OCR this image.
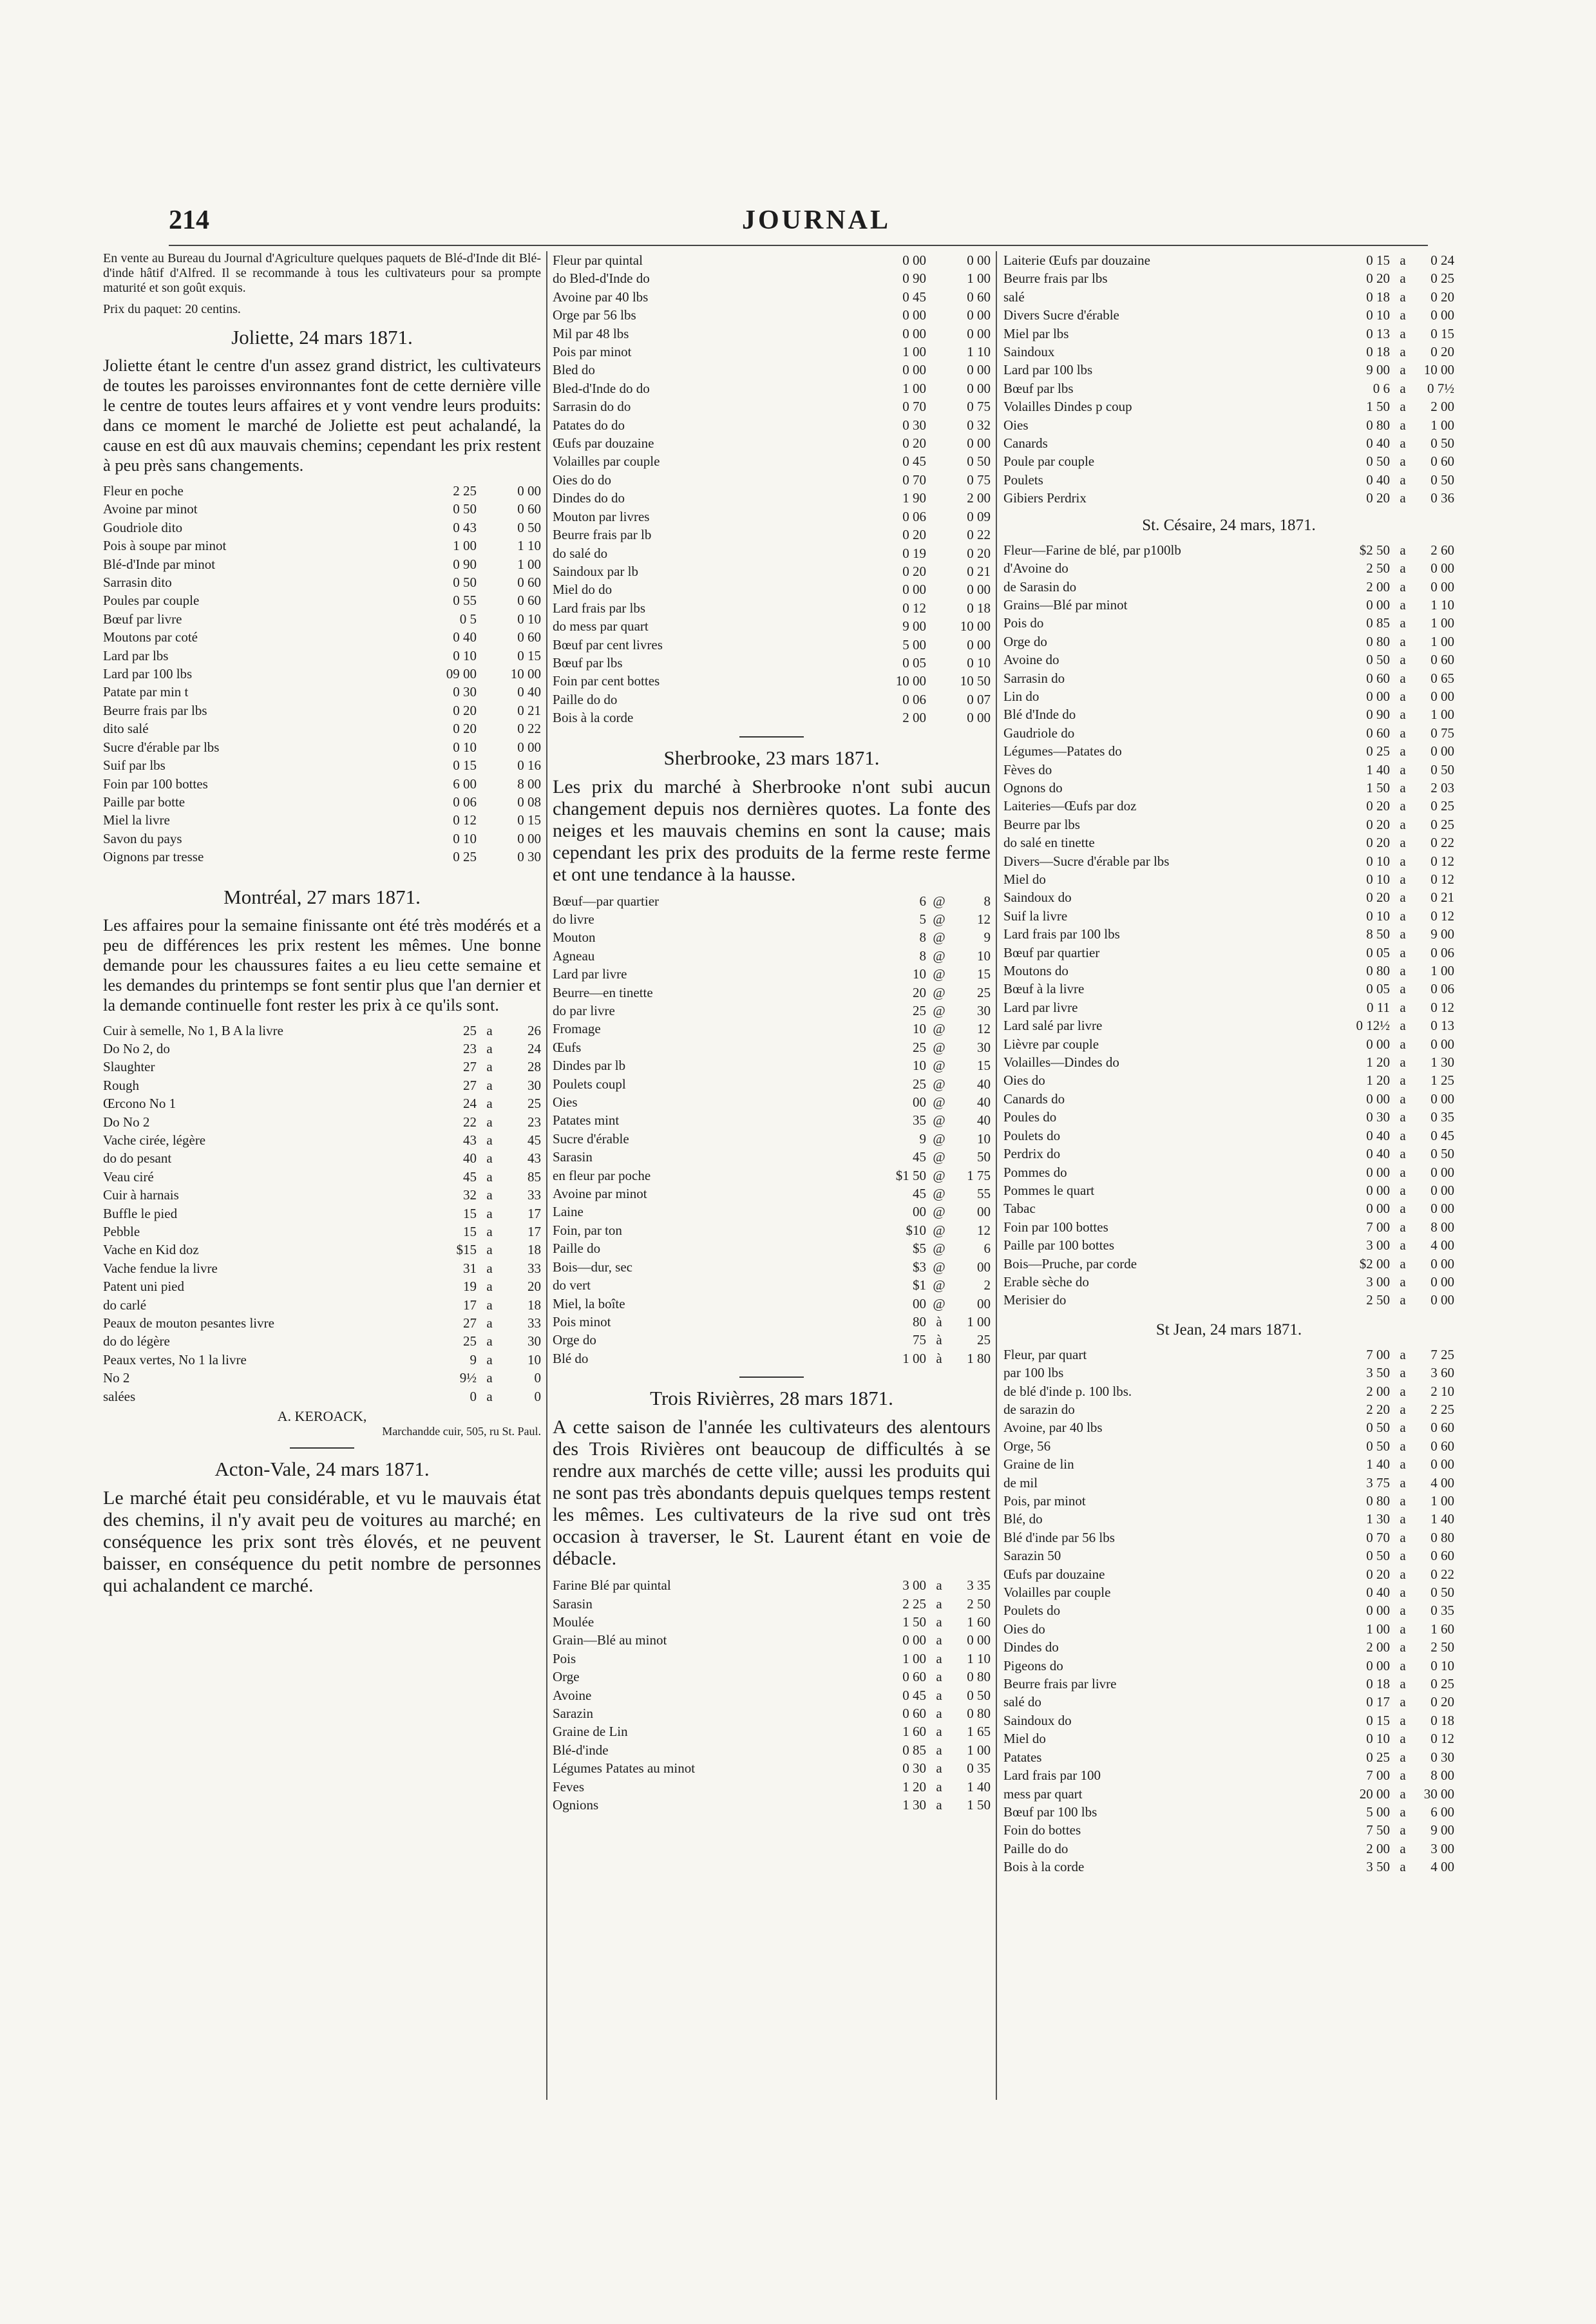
214	JOURNAL

En vente au Bureau du Journal d'Agriculture quelques paquets de Blé-d'Inde dit Blé-d'inde hâtif d'Alfred. Il se recommande à tous les cultivateurs pour sa prompte maturité et son goût exquis.

Prix du paquet: 20 centins.

Joliette, 24 mars 1871.

Joliette étant le centre d'un assez grand district, les cultivateurs de toutes les paroisses environnantes font de cette dernière ville le centre de toutes leurs affaires et y vont vendre leurs produits: dans ce moment le marché de Joliette est peut achalandé, la cause en est dû aux mauvais chemins; cependant les prix restent à peu près sans changements.

Fleur en poche	2 25	0 00
Avoine par minot	0 50	0 60
Goudriole dito	0 43	0 50
Pois à soupe par minot	1 00	1 10
Blé-d'Inde par minot	0 90	1 00
Sarrasin dito	0 50	0 60
Poules par couple	0 55	0 60
Bœuf par livre	0 5	0 10
Moutons par coté	0 40	0 60
Lard par lbs	0 10	0 15
Lard par 100 lbs	09 00	10 00
Patate par min t	0 30	0 40
Beurre frais par lbs	0 20	0 21
dito salé	0 20	0 22
Sucre d'érable par lbs	0 10	0 00
Suif par lbs	0 15	0 16
Foin par 100 bottes	6 00	8 00
Paille par botte	0 06	0 08
Miel la livre	0 12	0 15
Savon du pays	0 10	0 00
Oignons par tresse	0 25	0 30
Montréal, 27 mars 1871.

Les affaires pour la semaine finissante ont été très modérés et a peu de différences les prix restent les mêmes. Une bonne demande pour les chaussures faites a eu lieu cette semaine et les demandes du printemps se font sentir plus que l'an dernier et la demande continuelle font rester les prix à ce qu'ils sont.

Cuir à semelle, No 1, B A la livre	25 a	26
Do No 2, do	23 a	24
Slaughter	27 a	28
Rough	27 a	30
Œrcono No 1	24 a	25
Do No 2	22 a	23
Vache cirée, légère	43 a	45
do do pesant	40 a	43
Veau ciré	45 a	85
Cuir à harnais	32 a	33
Buffle le pied	15 a	17
Pebble	15 a	17
Vache en Kid doz	$15 a	18
Vache fendue la livre	31 a	33
Patent uni pied	19 a	20
do carlé	17 a	18
Peaux de mouton pesantes livre	27 a	33
do do légère	25 a	30
Peaux vertes, No 1 la livre	9 a	10
No 2	9½ a	0
salées	0 a	0
A. KEROACK,
Marchandde cuir, 505, ru St. Paul.
Acton-Vale, 24 mars 1871.

Le marché était peu considérable, et vu le mauvais état des chemins, il n'y avait peu de voitures au marché; en conséquence les prix sont très élovés, et ne peuvent baisser, en conséquence du petit nombre de personnes qui achalandent ce marché.

Fleur par quintal	0 00	0 00
do Bled-d'Inde do	0 90	1 00
Avoine par 40 lbs	0 45	0 60
Orge par 56 lbs	0 00	0 00
Mil par 48 lbs	0 00	0 00
Pois par minot	1 00	1 10
Bled do	0 00	0 00
Bled-d'Inde do do	1 00	0 00
Sarrasin do do	0 70	0 75
Patates do do	0 30	0 32
Œufs par douzaine	0 20	0 00
Volailles par couple	0 45	0 50
Oies do do	0 70	0 75
Dindes do do	1 90	2 00
Mouton par livres	0 06	0 09
Beurre frais par lb	0 20	0 22
do salé do	0 19	0 20
Saindoux par lb	0 20	0 21
Miel do do	0 00	0 00
Lard frais par lbs	0 12	0 18
do mess par quart	9 00	10 00
Bœuf par cent livres	5 00	0 00
Bœuf par lbs	0 05	0 10
Foin par cent bottes	10 00	10 50
Paille do do	0 06	0 07
Bois à la corde	2 00	0 00
Sherbrooke, 23 mars 1871.

Les prix du marché à Sherbrooke n'ont subi aucun changement depuis nos dernières quotes. La fonte des neiges et les mauvais chemins en sont la cause; mais cependant les prix des produits de la ferme reste ferme et ont une tendance à la hausse.

Bœuf—par quartier	6 @	8
do livre	5 @	12
Mouton	8 @	9
Agneau	8 @	10
Lard par livre	10 @	15
Beurre—en tinette	20 @	25
do par livre	25 @	30
Fromage	10 @	12
Œufs	25 @	30
Dindes par lb	10 @	15
Poulets coupl	25 @	40
Oies	00 @	40
Patates mint	35 @	40
Sucre d'érable	9 @	10
Sarasin	45 @	50
en fleur par poche	$1 50 @	1 75
Avoine par minot	45 @	55
Laine	00 @	00
Foin, par ton	$10 @	12
Paille do	$5 @	6
Bois—dur, sec	$3 @	00
do vert	$1 @	2
Miel, la boîte	00 @	00
Pois minot	80 à	1 00
Orge do	75 à	25
Blé do	1 00 à	1 80
Trois Rivièrres, 28 mars 1871.

A cette saison de l'année les cultivateurs des alentours des Trois Rivières ont beaucoup de difficultés à se rendre aux marchés de cette ville; aussi les produits qui ne sont pas très abondants depuis quelques temps restent les mêmes. Les cultivateurs de la rive sud ont très occasion à traverser, le St. Laurent étant en voie de débacle.

Farine Blé par quintal	3 00 a	3 35
Sarasin	2 25 a	2 50
Moulée	1 50 a	1 60
Grain—Blé au minot	0 00 a	0 00
Pois	1 00 a	1 10
Orge	0 60 a	0 80
Avoine	0 45 a	0 50
Sarazin	0 60 a	0 80
Graine de Lin	1 60 a	1 65
Blé-d'inde	0 85 a	1 00
Légumes Patates au minot	0 30 a	0 35
Feves	1 20 a	1 40
Ognions	1 30 a	1 50
Laiterie Œufs par douzaine	0 15 a	0 24
Beurre frais par lbs	0 20 a	0 25
salé	0 18 a	0 20
Divers Sucre d'érable	0 10 a	0 00
Miel par lbs	0 13 a	0 15
Saindoux	0 18 a	0 20
Lard par 100 lbs	9 00 a	10 00
Bœuf par lbs	0 6 a	0 7½
Volailles Dindes p coup	1 50 a	2 00
Oies	0 80 a	1 00
Canards	0 40 a	0 50
Poule par couple	0 50 a	0 60
Poulets	0 40 a	0 50
Gibiers Perdrix	0 20 a	0 36
St. Césaire, 24 mars, 1871.
Fleur—Farine de blé, par p100lb	$2 50 a	2 60
d'Avoine do	2 50 a	0 00
de Sarasin do	2 00 a	0 00
Grains—Blé par minot	0 00 a	1 10
Pois do	0 85 a	1 00
Orge do	0 80 a	1 00
Avoine do	0 50 a	0 60
Sarrasin do	0 60 a	0 65
Lin do	0 00 a	0 00
Blé d'Inde do	0 90 a	1 00
Gaudriole do	0 60 a	0 75
Légumes—Patates do	0 25 a	0 00
Fèves do	1 40 a	0 50
Ognons do	1 50 a	2 03
Laiteries—Œufs par doz	0 20 a	0 25
Beurre par lbs	0 20 a	0 25
do salé en tinette	0 20 a	0 22
Divers—Sucre d'érable par lbs	0 10 a	0 12
Miel do	0 10 a	0 12
Saindoux do	0 20 a	0 21
Suif la livre	0 10 a	0 12
Lard frais par 100 lbs	8 50 a	9 00
Bœuf par quartier	0 05 a	0 06
Moutons do	0 80 a	1 00
Bœuf à la livre	0 05 a	0 06
Lard par livre	0 11 a	0 12
Lard salé par livre	0 12½ a	0 13
Lièvre par couple	0 00 a	0 00
Volailles—Dindes do	1 20 a	1 30
Oies do	1 20 a	1 25
Canards do	0 00 a	0 00
Poules do	0 30 a	0 35
Poulets do	0 40 a	0 45
Perdrix do	0 40 a	0 50
Pommes do	0 00 a	0 00
Pommes le quart	0 00 a	0 00
Tabac	0 00 a	0 00
Foin par 100 bottes	7 00 a	8 00
Paille par 100 bottes	3 00 a	4 00
Bois—Pruche, par corde	$2 00 a	0 00
Erable sèche do	3 00 a	0 00
Merisier do	2 50 a	0 00
St Jean, 24 mars 1871.
Fleur, par quart	7 00 a	7 25
par 100 lbs	3 50 a	3 60
de blé d'inde p. 100 lbs.	2 00 a	2 10
de sarazin do	2 20 a	2 25
Avoine, par 40 lbs	0 50 a	0 60
Orge, 56	0 50 a	0 60
Graine de lin	1 40 a	0 00
de mil	3 75 a	4 00
Pois, par minot	0 80 a	1 00
Blé, do	1 30 a	1 40
Blé d'inde par 56 lbs	0 70 a	0 80
Sarazin 50	0 50 a	0 60
Œufs par douzaine	0 20 a	0 22
Volailles par couple	0 40 a	0 50
Poulets do	0 00 a	0 35
Oies do	1 00 a	1 60
Dindes do	2 00 a	2 50
Pigeons do	0 00 a	0 10
Beurre frais par livre	0 18 a	0 25
salé do	0 17 a	0 20
Saindoux do	0 15 a	0 18
Miel do	0 10 a	0 12
Patates	0 25 a	0 30
Lard frais par 100	7 00 a	8 00
mess par quart	20 00 a	30 00
Bœuf par 100 lbs	5 00 a	6 00
Foin do bottes	7 50 a	9 00
Paille do do	2 00 a	3 00
Bois à la corde	3 50 a	4 00
